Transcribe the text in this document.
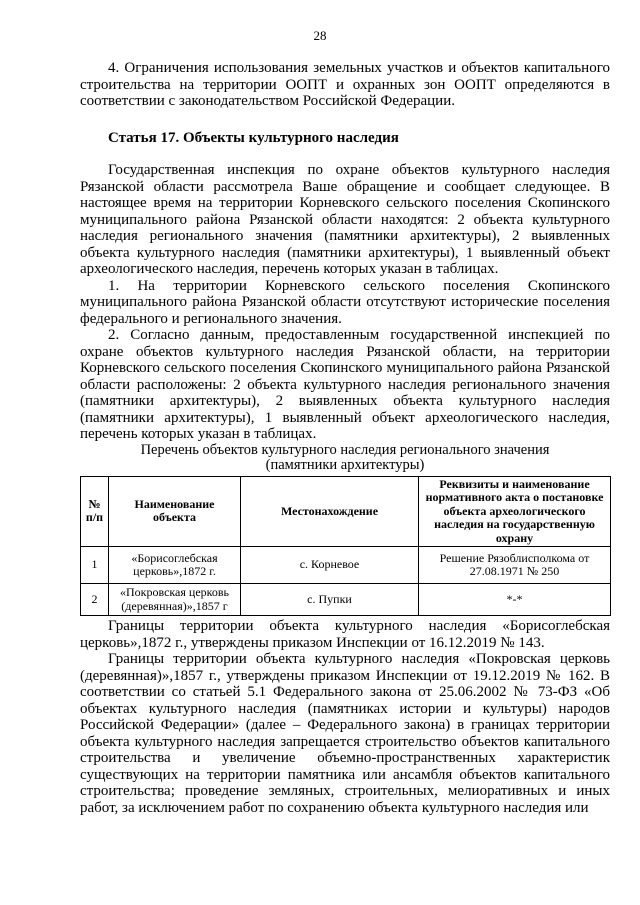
28

4. Ограничения использования земельных участков и объектов капитального строительства на территории ООПТ и охранных зон ООПТ определяются в соответствии с законодательством Российской Федерации.

Статья 17. Объекты культурного наследия

Государственная инспекция по охране объектов культурного наследия Рязанской области рассмотрела Ваше обращение и сообщает следующее. В настоящее время на территории Корневского сельского поселения Скопинского муниципального района Рязанской области находятся: 2 объекта культурного наследия регионального значения (памятники архитектуры), 2 выявленных объекта культурного наследия (памятники архитектуры), 1 выявленный объект археологического наследия, перечень которых указан в таблицах.

1. На территории Корневского сельского поселения Скопинского муниципального района Рязанской области отсутствуют исторические поселения федерального и регионального значения.

2. Согласно данным, предоставленным государственной инспекцией по охране объектов культурного наследия Рязанской области, на территории Корневского сельского поселения Скопинского муниципального района Рязанской области расположены: 2 объекта культурного наследия регионального значения (памятники архитектуры), 2 выявленных объекта культурного наследия (памятники архитектуры), 1 выявленный объект археологического наследия, перечень которых указан в таблицах.

Перечень объектов культурного наследия регионального значения
(памятники архитектуры)
№ п/п	Наименование объекта	Местонахождение	Реквизиты и наименование нормативного акта о постановке объекта археологического наследия на государственную охрану
1	«Борисоглебская церковь»,1872 г.	с. Корневое	Решение Рязоблисполкома от 27.08.1971 № 250
2	«Покровская церковь (деревянная)»,1857 г	с. Пупки	*-*

Границы территории объекта культурного наследия «Борисоглебская церковь»,1872 г., утверждены приказом Инспекции от 16.12.2019 № 143.

Границы территории объекта культурного наследия «Покровская церковь (деревянная)»,1857 г., утверждены приказом Инспекции от 19.12.2019 № 162. В соответствии со статьей 5.1 Федерального закона от 25.06.2002 № 73-ФЗ «Об объектах культурного наследия (памятниках истории и культуры) народов Российской Федерации» (далее – Федерального закона) в границах территории объекта культурного наследия запрещается строительство объектов капитального строительства и увеличение объемно-пространственных характеристик существующих на территории памятника или ансамбля объектов капитального строительства; проведение земляных, строительных, мелиоративных и иных работ, за исключением работ по сохранению объекта культурного наследия или
